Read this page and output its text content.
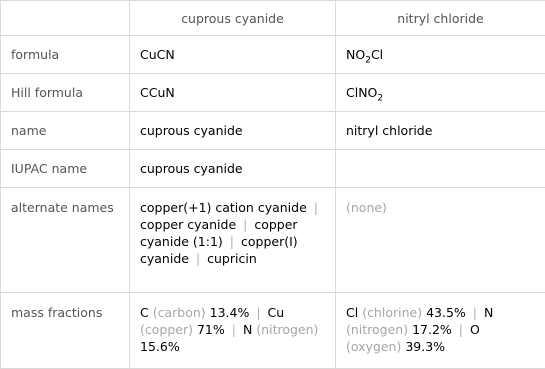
	cuprous cyanide	nitryl chloride
formula	CuCN	$NO_2Cl$
Hill formula	CCuN	ClNO$_2$
name	cuprous cyanide	nitryl chloride
IUPAC name	cuprous cyanide	
alternate names	copper(+1) cation cyanide | copper cyanide | copper cyanide (1:1) | copper(I) cyanide | cupricin	(none)
mass fractions	C (carbon) 13.4% | Cu (copper) 71% | N (nitrogen) 15.6%	Cl (chlorine) 43.5% | N (nitrogen) 17.2% | O (oxygen) 39.3%
